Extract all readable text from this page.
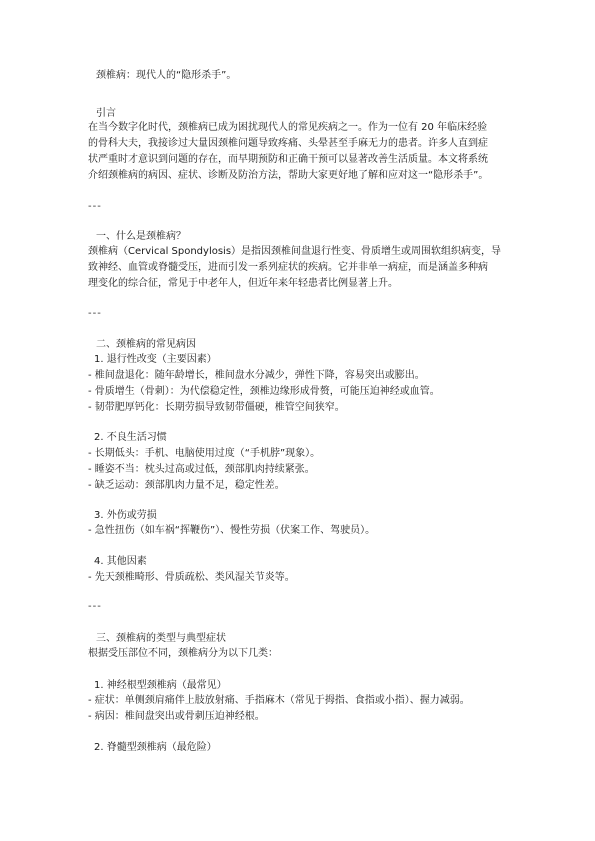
颈椎病：现代人的“隐形杀手”。
引言
在当今数字化时代，颈椎病已成为困扰现代人的常见疾病之一。作为一位有 20 年临床经验
的骨科大夫，我接诊过大量因颈椎问题导致疼痛、头晕甚至手麻无力的患者。许多人直到症
状严重时才意识到问题的存在，而早期预防和正确干预可以显著改善生活质量。本文将系统
介绍颈椎病的病因、症状、诊断及防治方法，帮助大家更好地了解和应对这一“隐形杀手”。
---
一、什么是颈椎病？
颈椎病（Cervical Spondylosis）是指因颈椎间盘退行性变、骨质增生或周围软组织病变，导
致神经、血管或脊髓受压，进而引发一系列症状的疾病。它并非单一病症，而是涵盖多种病
理变化的综合征，常见于中老年人，但近年来年轻患者比例显著上升。
---
二、颈椎病的常见病因
1. 退行性改变（主要因素）
- 椎间盘退化：随年龄增长，椎间盘水分减少，弹性下降，容易突出或膨出。
- 骨质增生（骨刺）：为代偿稳定性，颈椎边缘形成骨赘，可能压迫神经或血管。
- 韧带肥厚钙化：长期劳损导致韧带僵硬，椎管空间狭窄。
2. 不良生活习惯
- 长期低头：手机、电脑使用过度（“手机脖”现象）。
- 睡姿不当：枕头过高或过低，颈部肌肉持续紧张。
- 缺乏运动：颈部肌肉力量不足，稳定性差。
3. 外伤或劳损
- 急性扭伤（如车祸“挥鞭伤”）、慢性劳损（伏案工作、驾驶员）。
4. 其他因素
- 先天颈椎畸形、骨质疏松、类风湿关节炎等。
---
三、颈椎病的类型与典型症状
根据受压部位不同，颈椎病分为以下几类：
1. 神经根型颈椎病（最常见）
- 症状：单侧颈肩痛伴上肢放射痛、手指麻木（常见于拇指、食指或小指）、握力减弱。
- 病因：椎间盘突出或骨刺压迫神经根。
2. 脊髓型颈椎病（最危险）
